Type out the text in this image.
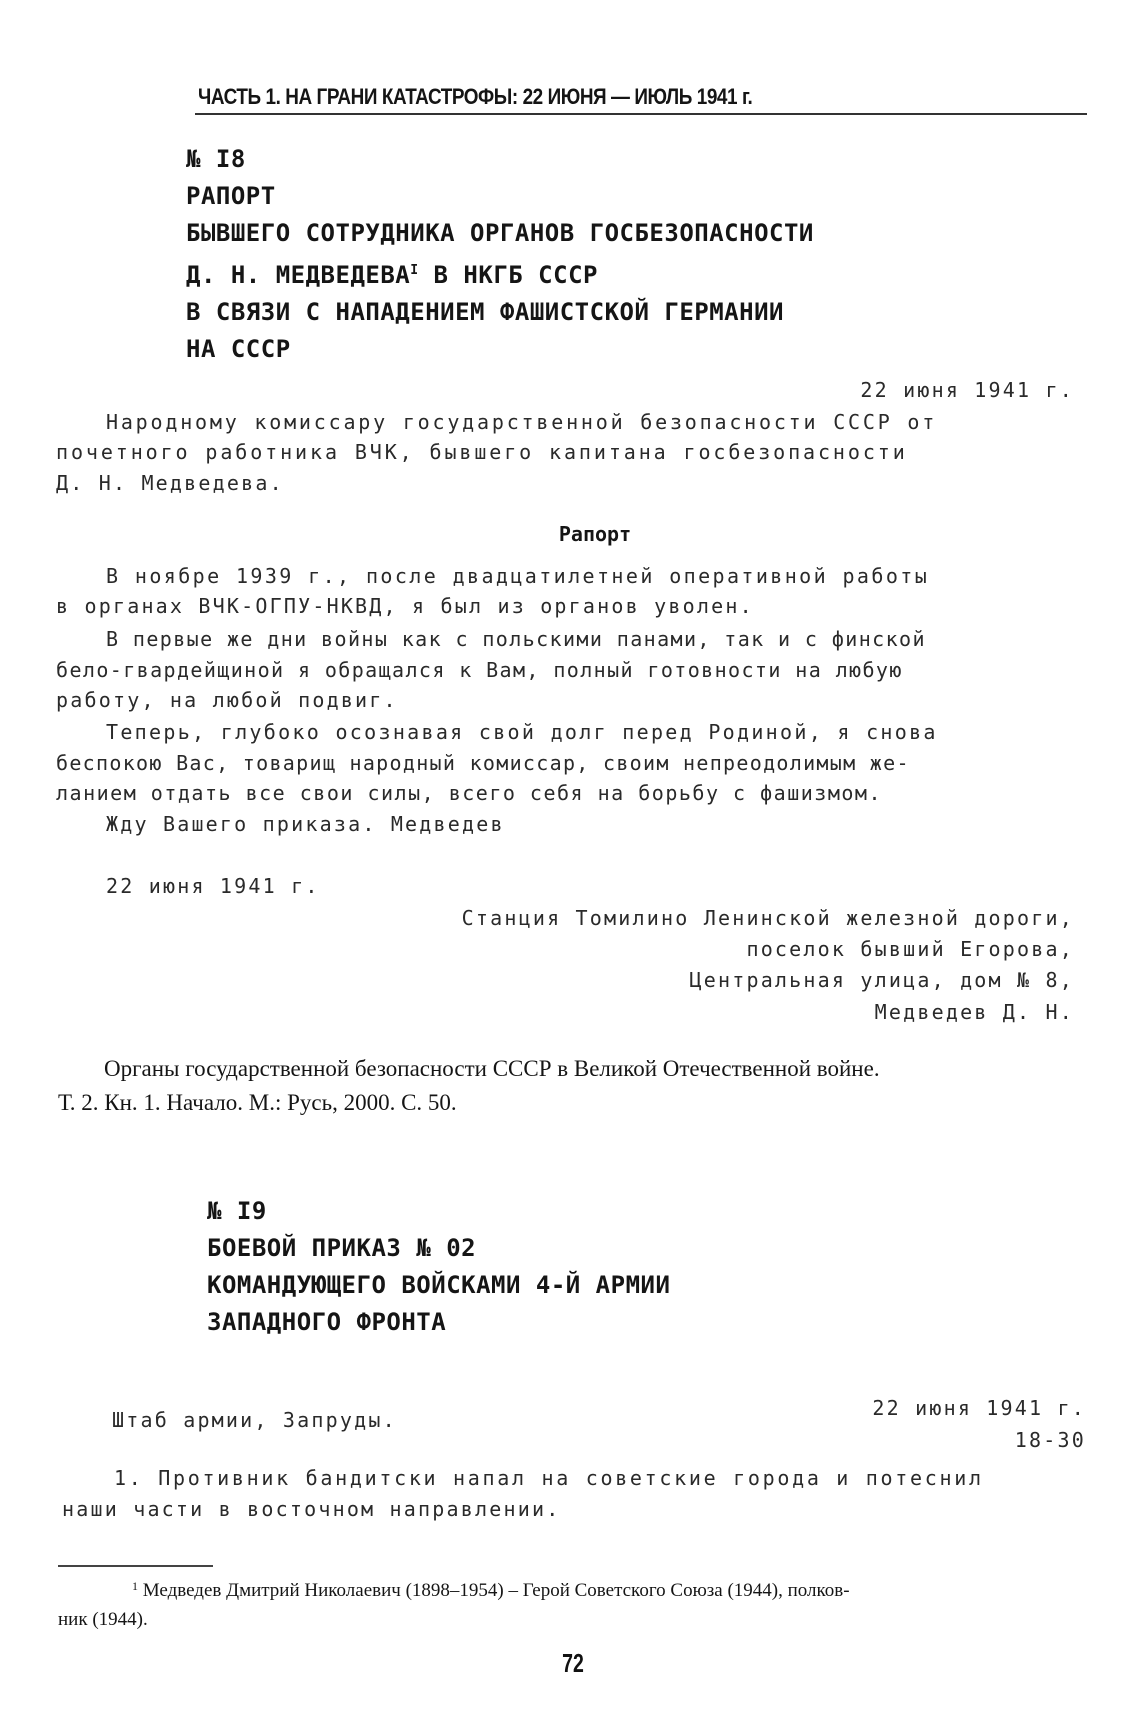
ЧАСТЬ 1. НА ГРАНИ КАТАСТРОФЫ: 22 ИЮНЯ — ИЮЛЬ 1941 г.
№ I8
РАПОРТ
БЫВШЕГО СОТРУДНИКА ОРГАНОВ ГОСБЕЗОПАСНОСТИ
Д. Н. $МЕДВЕДЕВА^I$ В НКГБ СССР
В СВЯЗИ С НАПАДЕНИЕМ ФАШИСТСКОЙ ГЕРМАНИИ
НА СССР
22 июня 1941 г.
Народному комиссару государственной безопасности СССР от
почетного работника ВЧК, бывшего капитана госбезопасности
Д. Н. Медведева.
Рапорт
В ноябре 1939 г., после двадцатилетней оперативной работы
в органах ВЧК-ОГПУ-НКВД, я был из органов уволен.
В первые же дни войны как с польскими панами, так и с финской
бело-гвардейщиной я обращался к Вам, полный готовности на любую
работу, на любой подвиг.
Теперь, глубоко осознавая свой долг перед Родиной, я снова
беспокою Вас, товарищ народный комиссар, своим непреодолимым же-
ланием отдать все свои силы, всего себя на борьбу с фашизмом.
Жду Вашего приказа. Медведев
22 июня 1941 г.
Станция Томилино Ленинской железной дороги,
поселок бывший Егорова,
Центральная улица, дом № 8,
Медведев Д. Н.
Органы государственной безопасности СССР в Великой Отечественной войне.
Т. 2. Кн. 1. Начало. М.: Русь, 2000. С. 50.
№ I9
БОЕВОЙ ПРИКАЗ № 02
КОМАНДУЮЩЕГО ВОЙСКАМИ 4-Й АРМИИ
ЗАПАДНОГО ФРОНТА
Штаб армии, Запруды.	22 июня 1941 г.
18-30
1. Противник бандитски напал на советские города и потеснил
наши части в восточном направлении.
$^1$ Медведев Дмитрий Николаевич (1898–1954) – Герой Советского Союза (1944), полков-
ник (1944).
72
